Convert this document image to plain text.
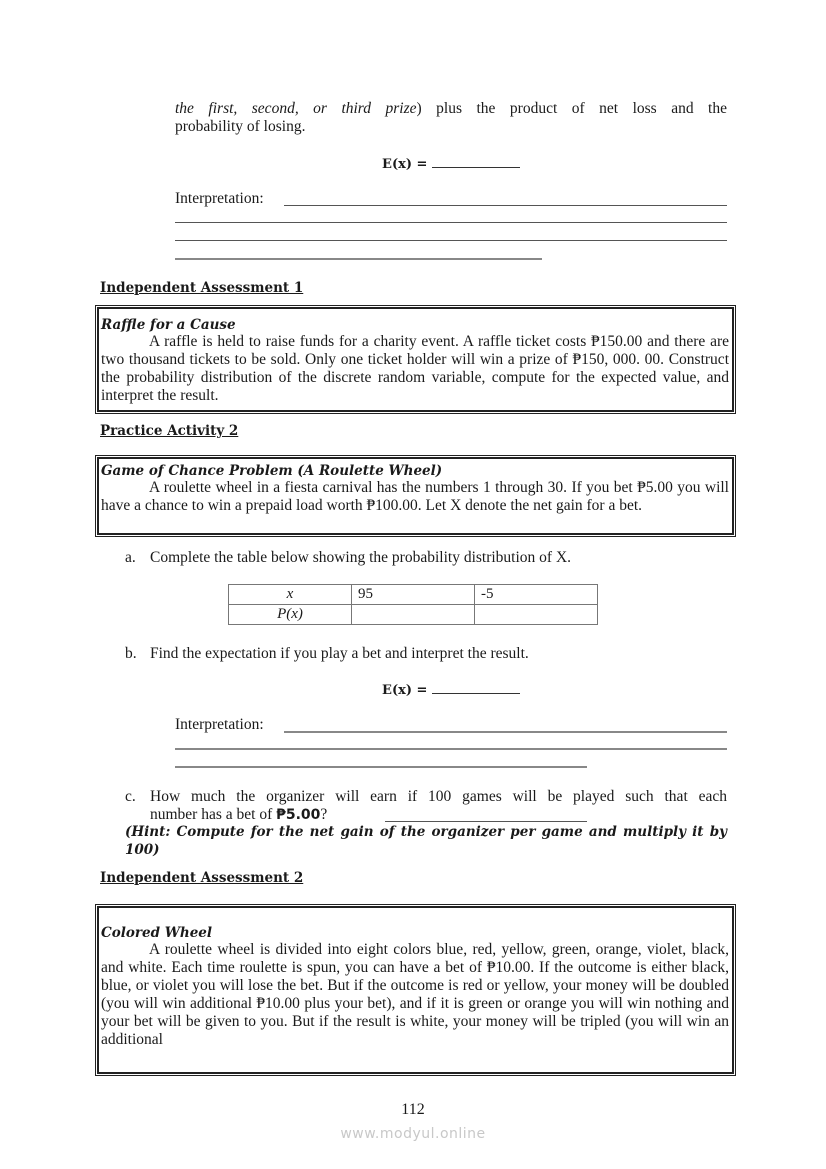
the first, second, or third prize) plus the product of net loss and the
probability of losing.
E(x) =
Interpretation:
Independent Assessment 1
Raffle for a Cause
A raffle is held to raise funds for a charity event. A raffle ticket costs ₱150.00 and there are two thousand tickets to be sold. Only one ticket holder will win a prize of ₱150, 000. 00. Construct the probability distribution of the discrete random variable, compute for the expected value, and interpret the result.
Practice Activity 2
Game of Chance Problem (A Roulette Wheel)
A roulette wheel in a fiesta carnival has the numbers 1 through 30. If you bet ₱5.00 you will have a chance to win a prepaid load worth ₱100.00. Let X denote the net gain for a bet.
a. Complete the table below showing the probability distribution of X.
x	95	-5
P(x)		
b. Find the expectation if you play a bet and interpret the result.
E(x) =
Interpretation:
c. How much the organizer will earn if 100 games will be played such that each
number has a bet of ₱5.00?
(Hint: Compute for the net gain of the organizer per game and multiply it by 100)
Independent Assessment 2
Colored Wheel
A roulette wheel is divided into eight colors blue, red, yellow, green, orange, violet, black, and white. Each time roulette is spun, you can have a bet of ₱10.00. If the outcome is either black, blue, or violet you will lose the bet. But if the outcome is red or yellow, your money will be doubled (you will win additional ₱10.00 plus your bet), and if it is green or orange you will win nothing and your bet will be given to you. But if the result is white, your money will be tripled (you will win an additional
112
www.modyul.online
